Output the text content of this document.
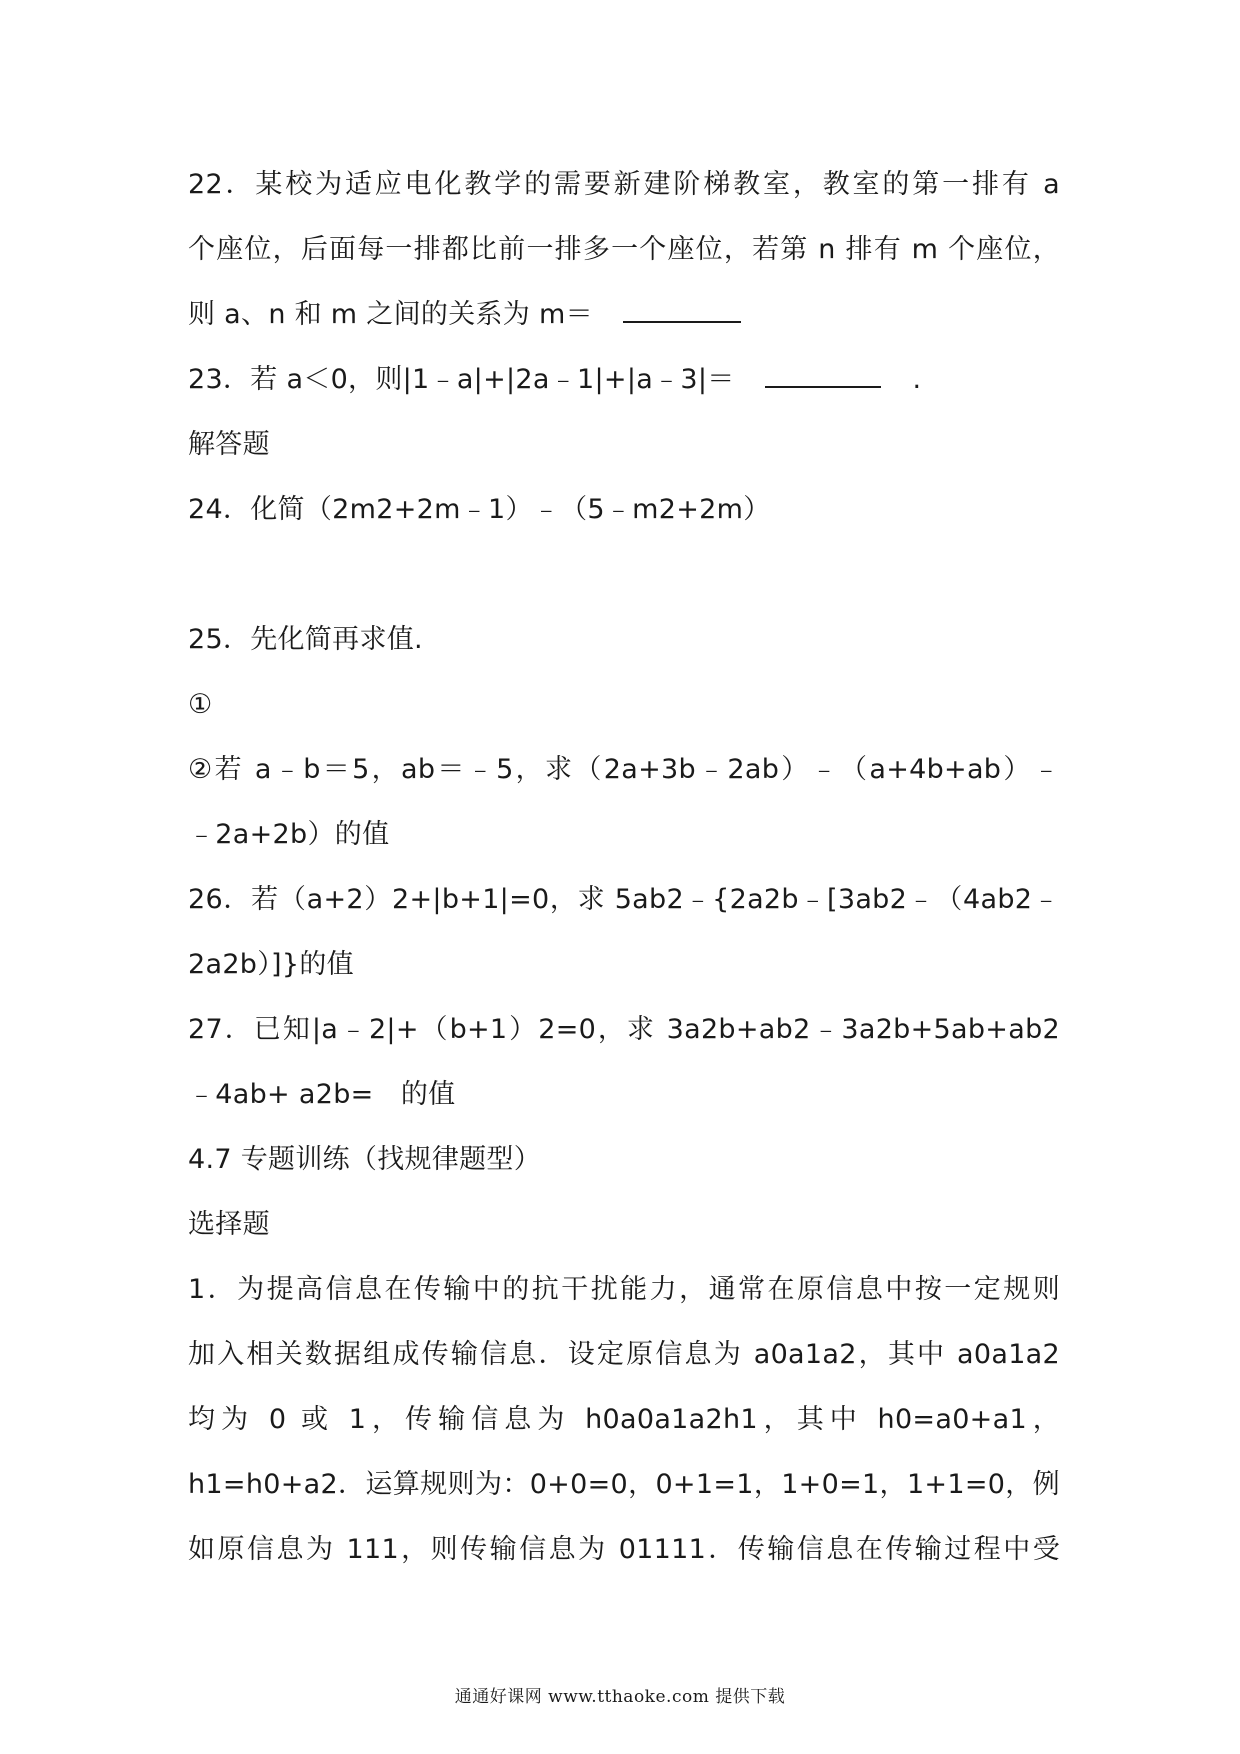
22．某校为适应电化教学的需要新建阶梯教室，教室的第一排有 a
个座位，后面每一排都比前一排多一个座位，若第 n 排有 m 个座位，
则 a、n 和 m 之间的关系为 m＝
23．若 a＜0，则|1﹣a|+|2a﹣1|+|a﹣3|＝	.
解答题
24．化简（2m2+2m﹣1）﹣（5﹣m2+2m）
25．先化简再求值.
①
②若 a﹣b＝5，ab＝﹣5，求（2a+3b﹣2ab）﹣（a+4b+ab）﹣
﹣2a+2b）的值
26．若（a+2）2+|b+1|=0，求 5ab2﹣{2a2b﹣[3ab2﹣（4ab2﹣
2a2b）]}的值
27．已知|a﹣2|+（b+1）2=0，求 3a2b+ab2﹣3a2b+5ab+ab2
﹣4ab+ a2b=　的值
4.7 专题训练（找规律题型）
选择题
1．为提高信息在传输中的抗干扰能力，通常在原信息中按一定规则
加入相关数据组成传输信息．设定原信息为 a0a1a2，其中 a0a1a2
均为 0 或 1，传输信息为 h0a0a1a2h1，其中 h0=a0+a1，
h1=h0+a2．运算规则为：0+0=0，0+1=1，1+0=1，1+1=0，例
如原信息为 111，则传输信息为 01111．传输信息在传输过程中受
通通好课网 www.tthaoke.com 提供下载
